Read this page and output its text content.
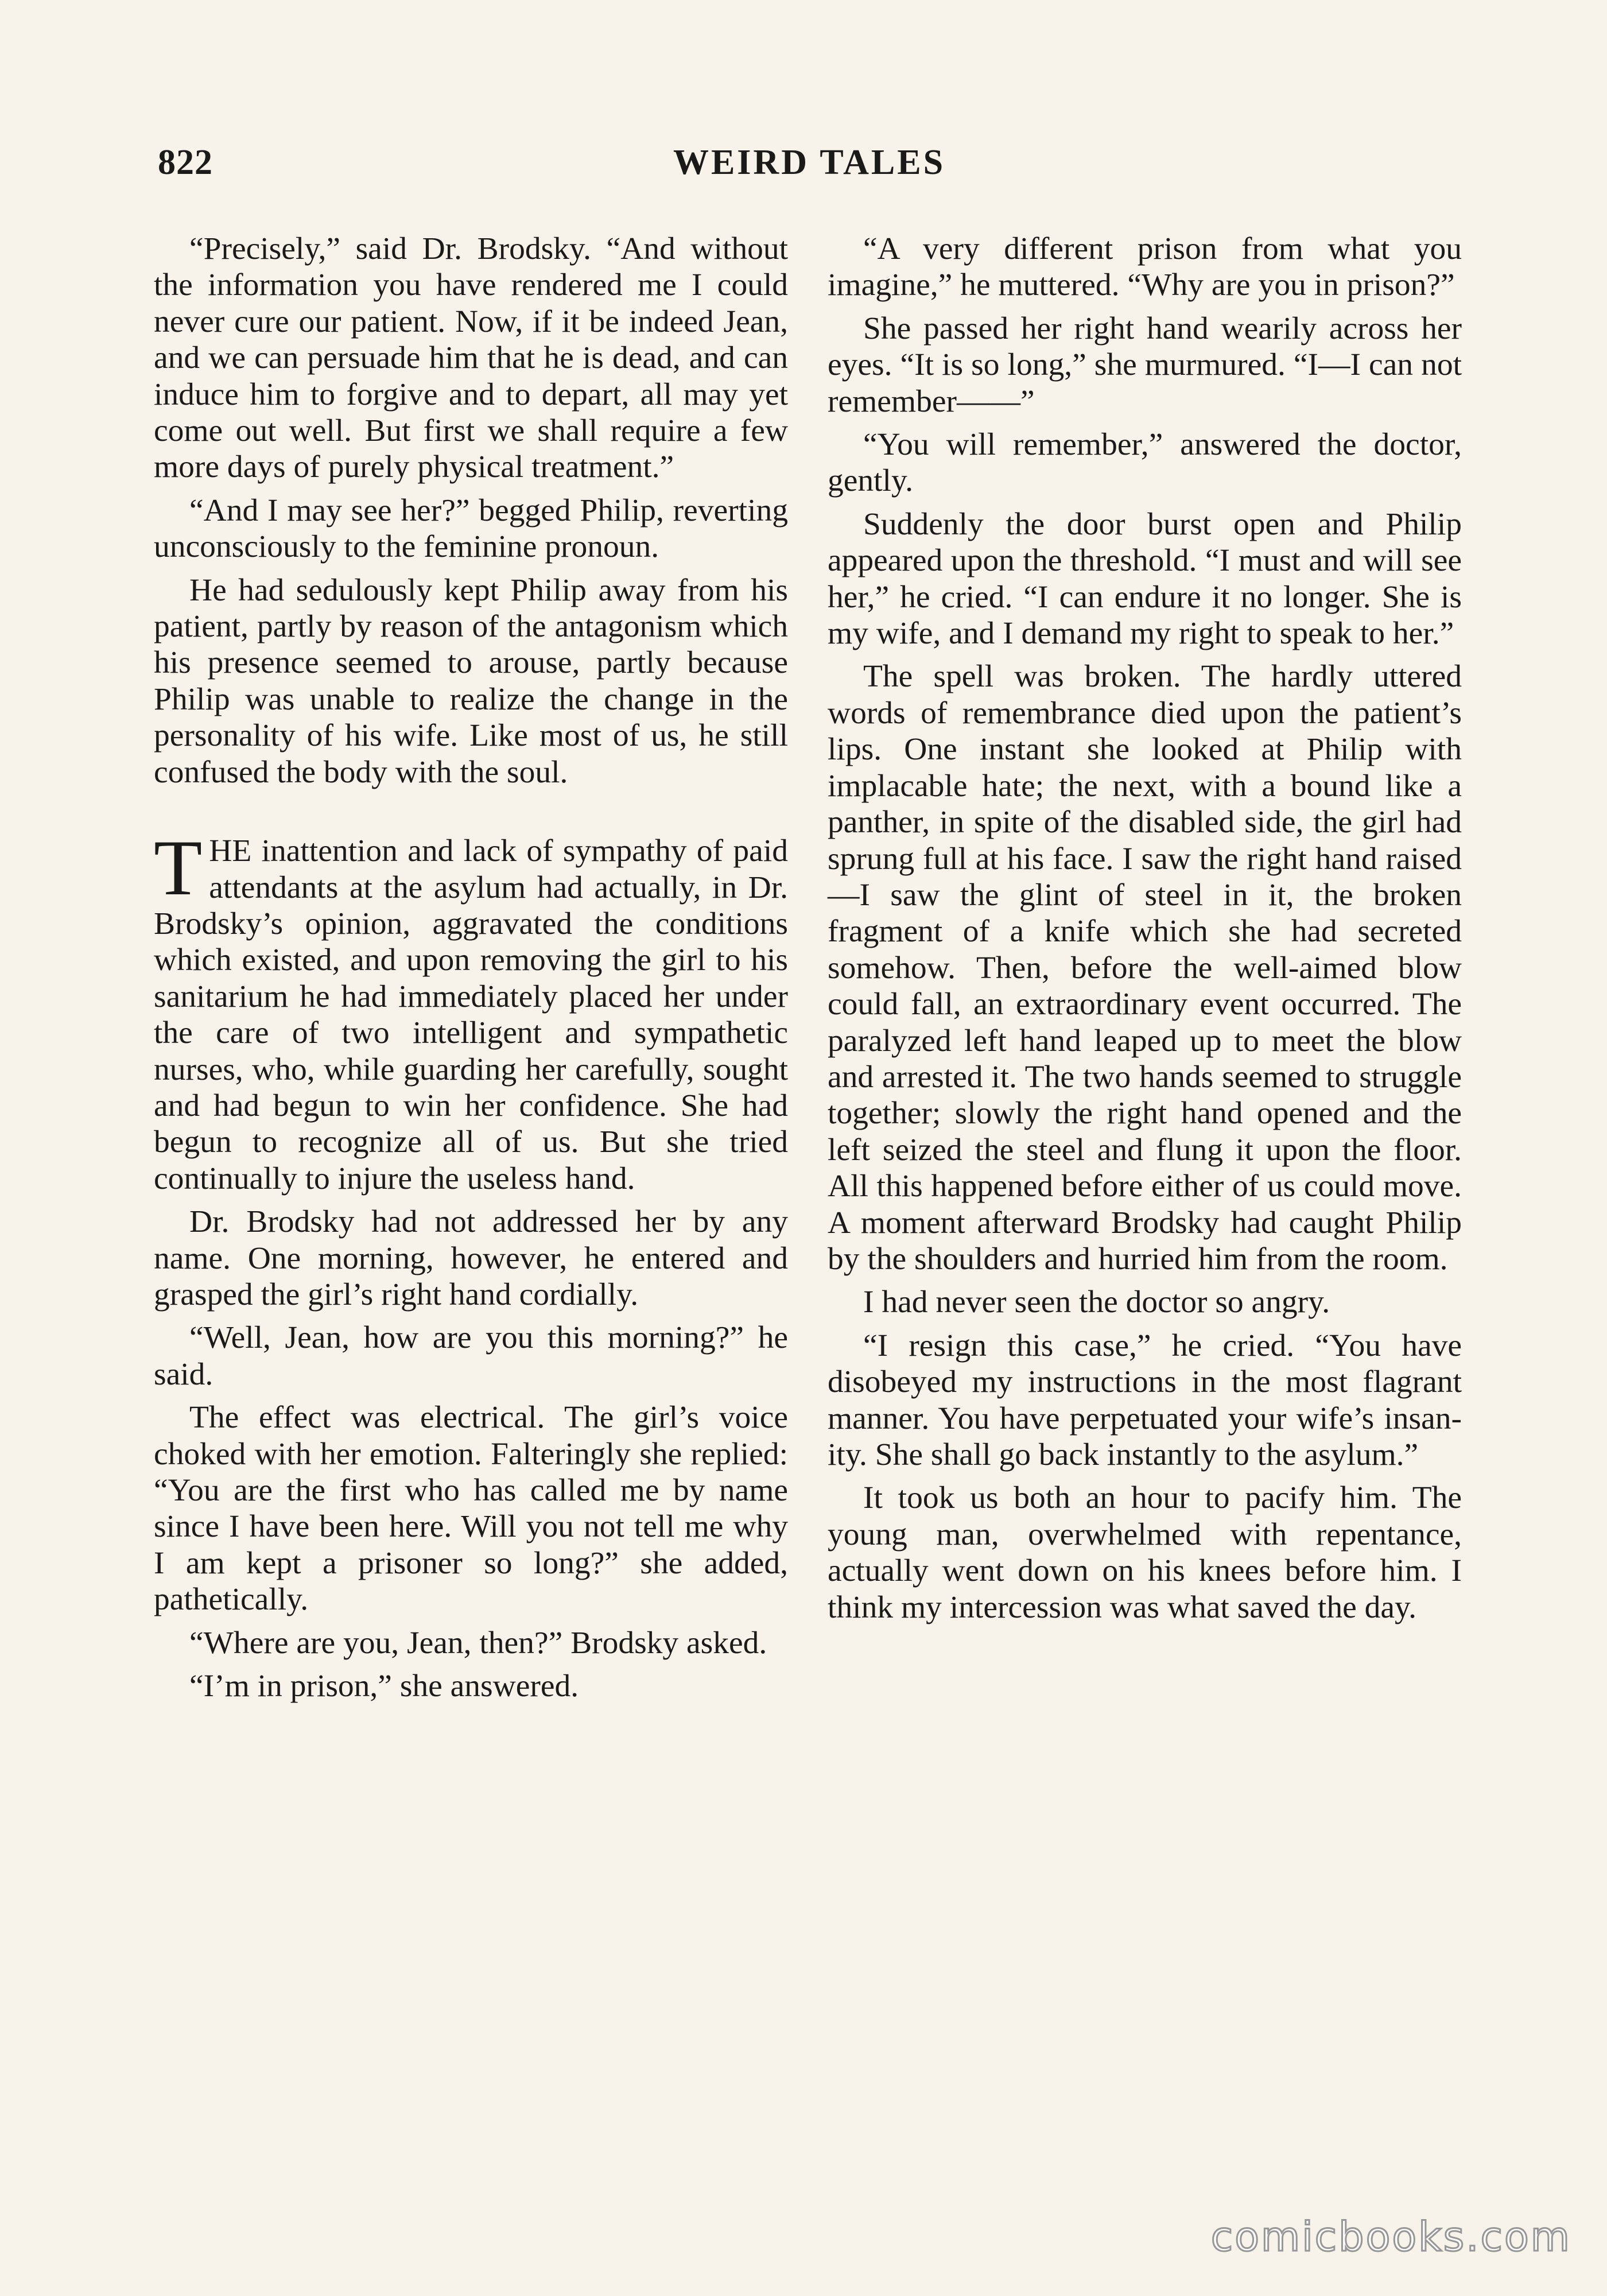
822	WEIRD TALES

“Precisely,” said Dr. Brodsky. “And without the information you have rendered me I could never cure our patient. Now, if it be indeed Jean, and we can persuade him that he is dead, and can induce him to forgive and to depart, all may yet come out well. But first we shall require a few more days of purely physical treatment.”

“And I may see her?” begged Philip, reverting unconsciously to the feminine pronoun.

He had sedulously kept Philip away from his patient, partly by reason of the antagonism which his presence seemed to arouse, partly because Philip was unable to realize the change in the personality of his wife. Like most of us, he still confused the body with the soul.

THE inattention and lack of sympathy of paid attendants at the asylum had actually, in Dr. Brodsky’s opinion, aggravated the conditions which existed, and upon removing the girl to his sanitarium he had immediately placed her under the care of two intelligent and sympathetic nurses, who, while guarding her carefully, sought and had begun to win her confidence. She had begun to recognize all of us. But she tried continually to injure the useless hand.

Dr. Brodsky had not addressed her by any name. One morning, however, he entered and grasped the girl’s right hand cordially.

“Well, Jean, how are you this morning?” he said.

The effect was electrical. The girl’s voice choked with her emotion. Falteringly she replied: “You are the first who has called me by name since I have been here. Will you not tell me why I am kept a prisoner so long?” she added, pathetically.

“Where are you, Jean, then?” Brodsky asked.

“I’m in prison,” she answered.

“A very different prison from what you imagine,” he muttered. “Why are you in prison?”

She passed her right hand wearily across her eyes. “It is so long,” she murmured. “I—I can not remember——”

“You will remember,” answered the doctor, gently.

Suddenly the door burst open and Philip appeared upon the threshold. “I must and will see her,” he cried. “I can endure it no longer. She is my wife, and I demand my right to speak to her.”

The spell was broken. The hardly uttered words of remembrance died upon the patient’s lips. One instant she looked at Philip with implacable hate; the next, with a bound like a panther, in spite of the disabled side, the girl had sprung full at his face. I saw the right hand raised—I saw the glint of steel in it, the broken fragment of a knife which she had secreted somehow. Then, before the well-aimed blow could fall, an extraordinary event occurred. The paralyzed left hand leaped up to meet the blow and arrested it. The two hands seemed to struggle together; slowly the right hand opened and the left seized the steel and flung it upon the floor. All this happened before either of us could move. A moment afterward Brodsky had caught Philip by the shoulders and hurried him from the room.

I had never seen the doctor so angry.

“I resign this case,” he cried. “You have disobeyed my instructions in the most flagrant manner. You have perpetuated your wife’s insanity. She shall go back instantly to the asylum.”

It took us both an hour to pacify him. The young man, overwhelmed with repentance, actually went down on his knees before him. I think my intercession was what saved the day.

comicbooks.com
